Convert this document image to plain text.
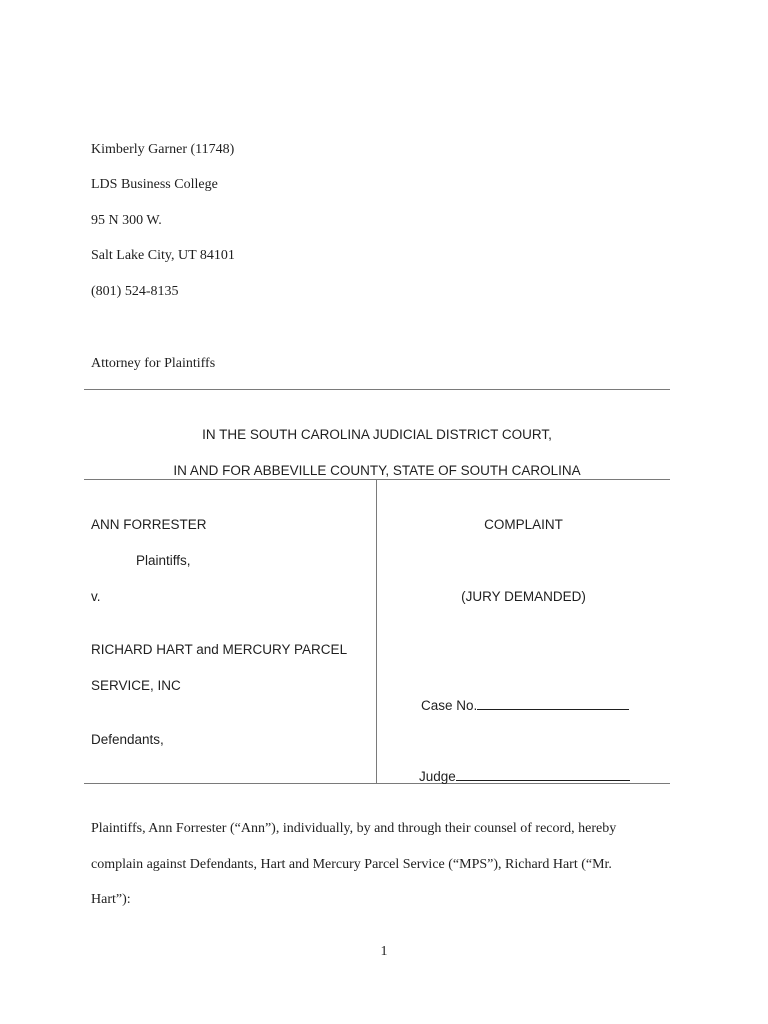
Kimberly Garner (11748)
LDS Business College
95 N 300 W.
Salt Lake City, UT 84101
(801) 524-8135
Attorney for Plaintiffs
IN THE SOUTH CAROLINA JUDICIAL DISTRICT COURT,
IN AND FOR ABBEVILLE COUNTY, STATE OF SOUTH CAROLINA
ANN FORRESTER
Plaintiffs,
v.
RICHARD HART and MERCURY PARCEL
SERVICE, INC
Defendants,
COMPLAINT
(JURY DEMANDED)
Case No.
Judge
Plaintiffs, Ann Forrester (“Ann”), individually, by and through their counsel of record, hereby
complain against Defendants, Hart and Mercury Parcel Service (“MPS”), Richard Hart (“Mr.
Hart”):
1
